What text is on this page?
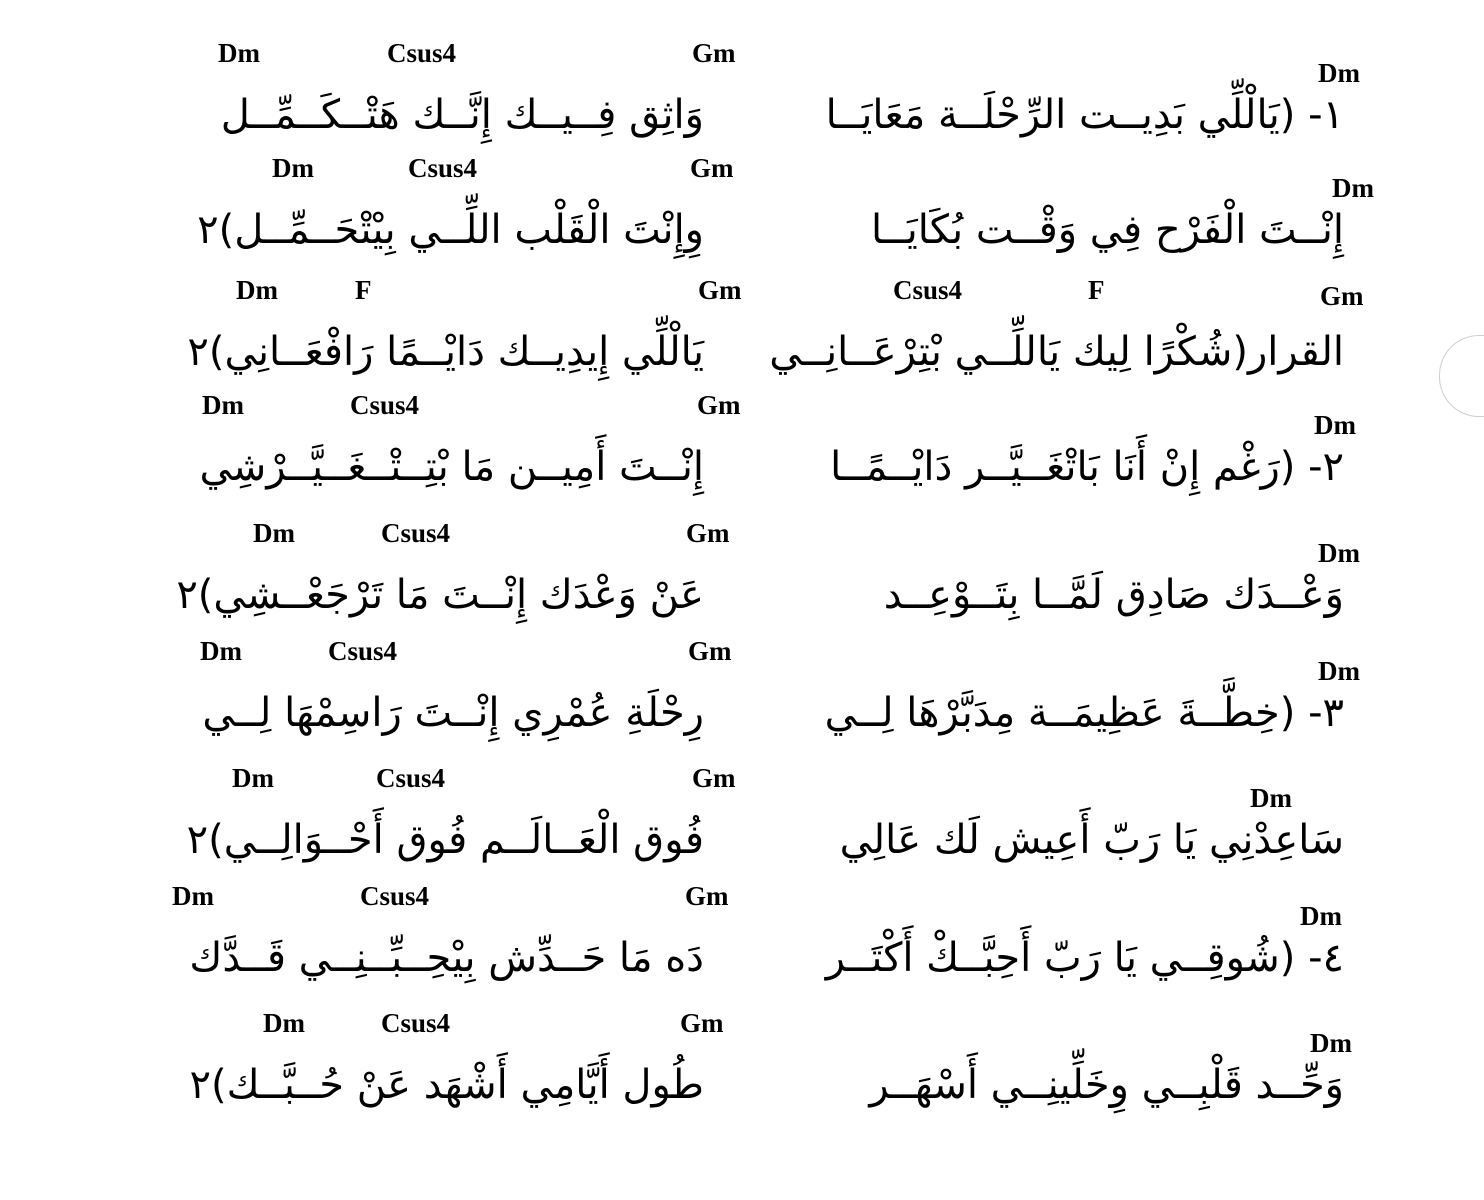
Dm	Csus4	Gm
Dm
١- (يَالْلِّي بَدِيــت الرِّحْلَــة مَعَايَــا
وَاثِق فِــيــك إِنَّــك هَتْــكَــمِّــل
Dm	Csus4	Gm
Dm
إِنْــتَ الْفَرْح فِي وَقْــت بُكَايَــا
وِإِنْتَ الْقَلْب اللِّــي بِيْتْحَــمِّــل)٢
Dm	F	Gm	Csus4	F	Gm
القرار(شُكْرًا لِيك يَاللِّــي بْتِرْعَــانِــي
يَالْلِّي إِيدِيــك دَايْــمًا رَافْعَــانِي)٢
Dm	Csus4	Gm
Dm
٢- (رَغْم إِنْ أَنَا بَاتْغَــيَّــر دَايْــمًــا
إِنْــتَ أَمِيــن مَا بْتِــتْــغَــيَّــرْشِي
Dm	Csus4	Gm
Dm
وَعْــدَك صَادِق لَمَّــا بِتَــوْعِــد
عَنْ وَعْدَك إِنْــتَ مَا تَرْجَعْــشِي)٢
Dm	Csus4	Gm
Dm
٣- (خِطَّــةَ عَظِيمَــة مِدَبَّرْهَا لِــي
رِحْلَةِ عُمْرِي إِنْــتَ رَاسِمْهَا لِــي
Dm	Csus4	Gm
Dm
سَاعِدْنِي يَا رَبّ أَعِيش لَك عَالِي
فُوق الْعَــالَــم فُوق أَحْــوَالِــي)٢
Dm	Csus4	Gm
Dm
٤- (شُوقِــي يَا رَبّ أَحِبَّــكْ أَكْتَــر
دَه مَا حَــدِّش بِيْحِــبِّــنِــي قَــدَّك
Dm	Csus4	Gm
Dm
وَحِّــد قَلْبِــي وِخَلِّينِــي أَسْهَــر
طُول أَيَّامِي أَشْهَد عَنْ حُــبَّــك)٢
